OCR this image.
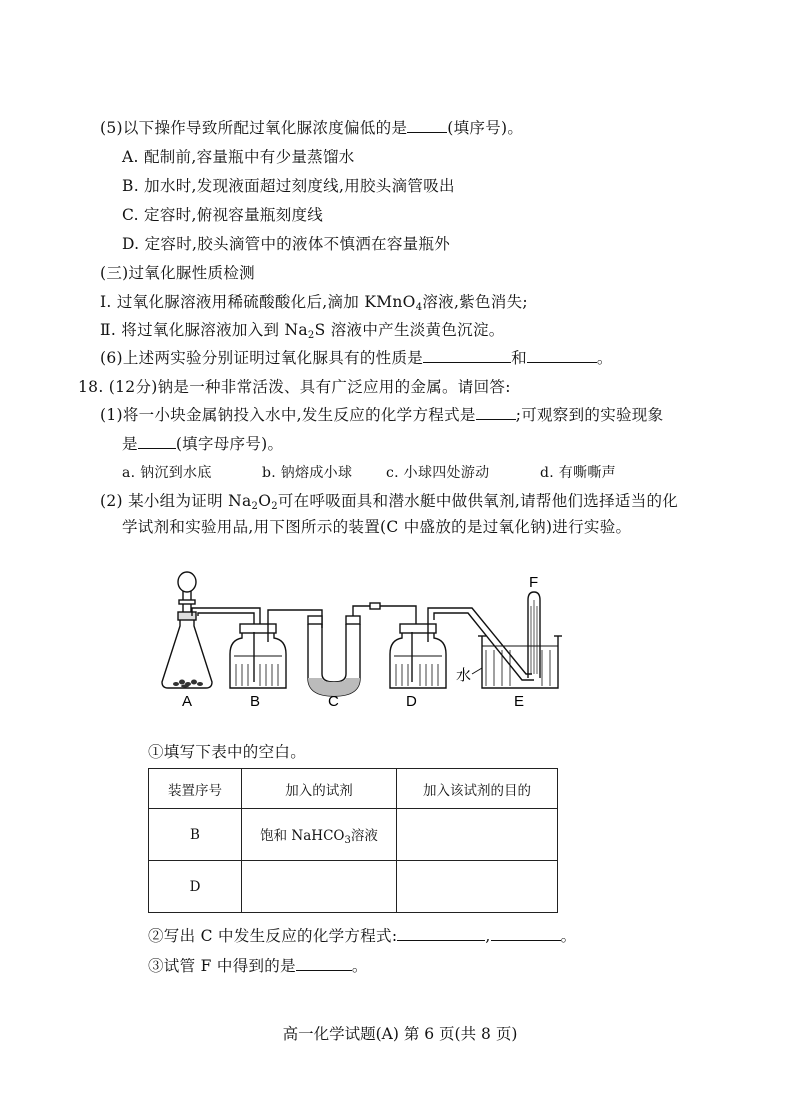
(5)以下操作导致所配过氧化脲浓度偏低的是	(填序号)。
A. 配制前,容量瓶中有少量蒸馏水
B. 加水时,发现液面超过刻度线,用胶头滴管吸出
C. 定容时,俯视容量瓶刻度线
D. 定容时,胶头滴管中的液体不慎洒在容量瓶外
(三)过氧化脲性质检测
Ⅰ. 过氧化脲溶液用稀硫酸酸化后,滴加 KMnO$_4$溶液,紫色消失;
Ⅱ. 将过氧化脲溶液加入到 $Na_2S$ 溶液中产生淡黄色沉淀。
(6)上述两实验分别证明过氧化脲具有的性质是	和	。
18. (12分)钠是一种非常活泼、具有广泛应用的金属。请回答:
(1)将一小块金属钠投入水中,发生反应的化学方程式是	;可观察到的实验现象
是 (填字母序号)。
a. 钠沉到水底	b. 钠熔成小球 c. 小球四处游动	d. 有嘶嘶声
(2) 某小组为证明 $Na_2O_2$可在呼吸面具和潜水艇中做供氧剂,请帮他们选择适当的化
学试剂和实验用品,用下图所示的装置(C 中盛放的是过氧化钠)进行实验。
A	B	C	D	E
F
水
①填写下表中的空白。
装置序号	加入的试剂	加入该试剂的目的
B	饱和 NaHCO$_3$溶液	
D		
②写出 C 中发生反应的化学方程式:	,	。
③试管 F 中得到的是	。
高一化学试题(A) 第 6 页(共 8 页)
